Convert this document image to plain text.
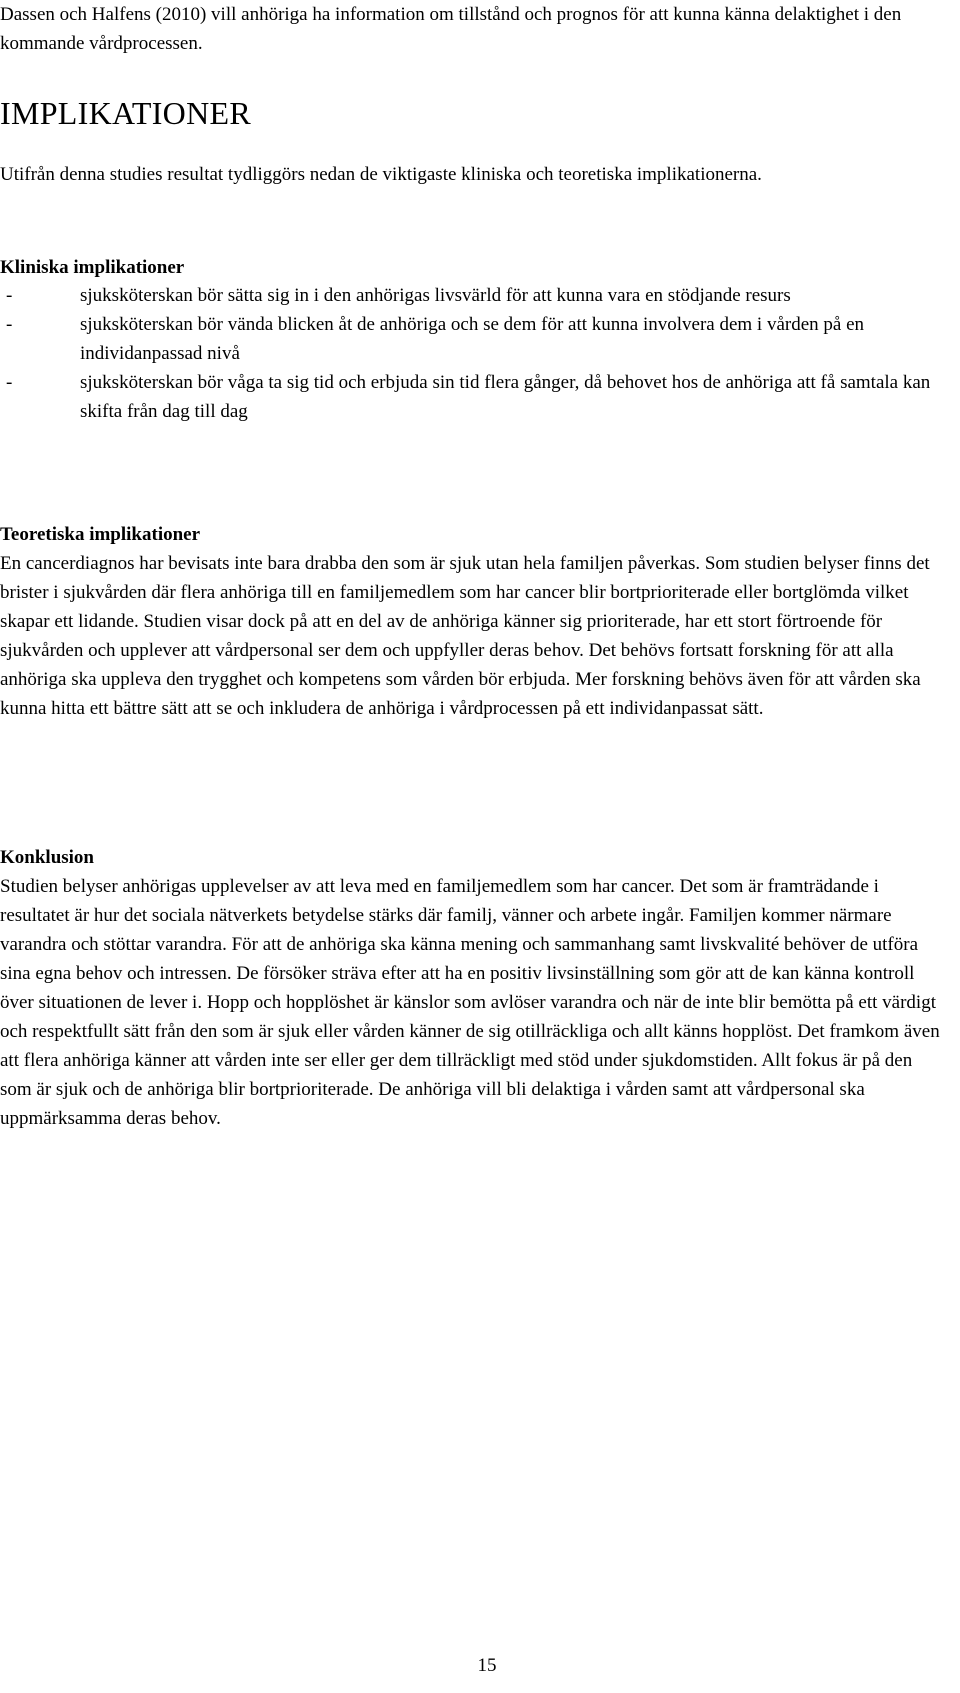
Dassen och Halfens (2010) vill anhöriga ha information om tillstånd och prognos för att kunna känna delaktighet i den kommande vårdprocessen.

IMPLIKATIONER

Utifrån denna studies resultat tydliggörs nedan de viktigaste kliniska och teoretiska implikationerna.

Kliniska implikationer
-	sjuksköterskan bör sätta sig in i den anhörigas livsvärld för att kunna vara en stödjande resurs
-	sjuksköterskan bör vända blicken åt de anhöriga och se dem för att kunna involvera dem i vården på en individanpassad nivå
-	sjuksköterskan bör våga ta sig tid och erbjuda sin tid flera gånger, då behovet hos de anhöriga att få samtala kan skifta från dag till dag
Teoretiska implikationer

En cancerdiagnos har bevisats inte bara drabba den som är sjuk utan hela familjen påverkas. Som studien belyser finns det brister i sjukvården där flera anhöriga till en familjemedlem som har cancer blir bortprioriterade eller bortglömda vilket skapar ett lidande. Studien visar dock på att en del av de anhöriga känner sig prioriterade, har ett stort förtroende för sjukvården och upplever att vårdpersonal ser dem och uppfyller deras behov. Det behövs fortsatt forskning för att alla anhöriga ska uppleva den trygghet och kompetens som vården bör erbjuda. Mer forskning behövs även för att vården ska kunna hitta ett bättre sätt att se och inkludera de anhöriga i vårdprocessen på ett individanpassat sätt.

Konklusion

Studien belyser anhörigas upplevelser av att leva med en familjemedlem som har cancer. Det som är framträdande i resultatet är hur det sociala nätverkets betydelse stärks där familj, vänner och arbete ingår. Familjen kommer närmare varandra och stöttar varandra. För att de anhöriga ska känna mening och sammanhang samt livskvalité behöver de utföra sina egna behov och intressen. De försöker sträva efter att ha en positiv livsinställning som gör att de kan känna kontroll över situationen de lever i. Hopp och hopplöshet är känslor som avlöser varandra och när de inte blir bemötta på ett värdigt och respektfullt sätt från den som är sjuk eller vården känner de sig otillräckliga och allt känns hopplöst. Det framkom även att flera anhöriga känner att vården inte ser eller ger dem tillräckligt med stöd under sjukdomstiden. Allt fokus är på den som är sjuk och de anhöriga blir bortprioriterade. De anhöriga vill bli delaktiga i vården samt att vårdpersonal ska uppmärksamma deras behov.

15
